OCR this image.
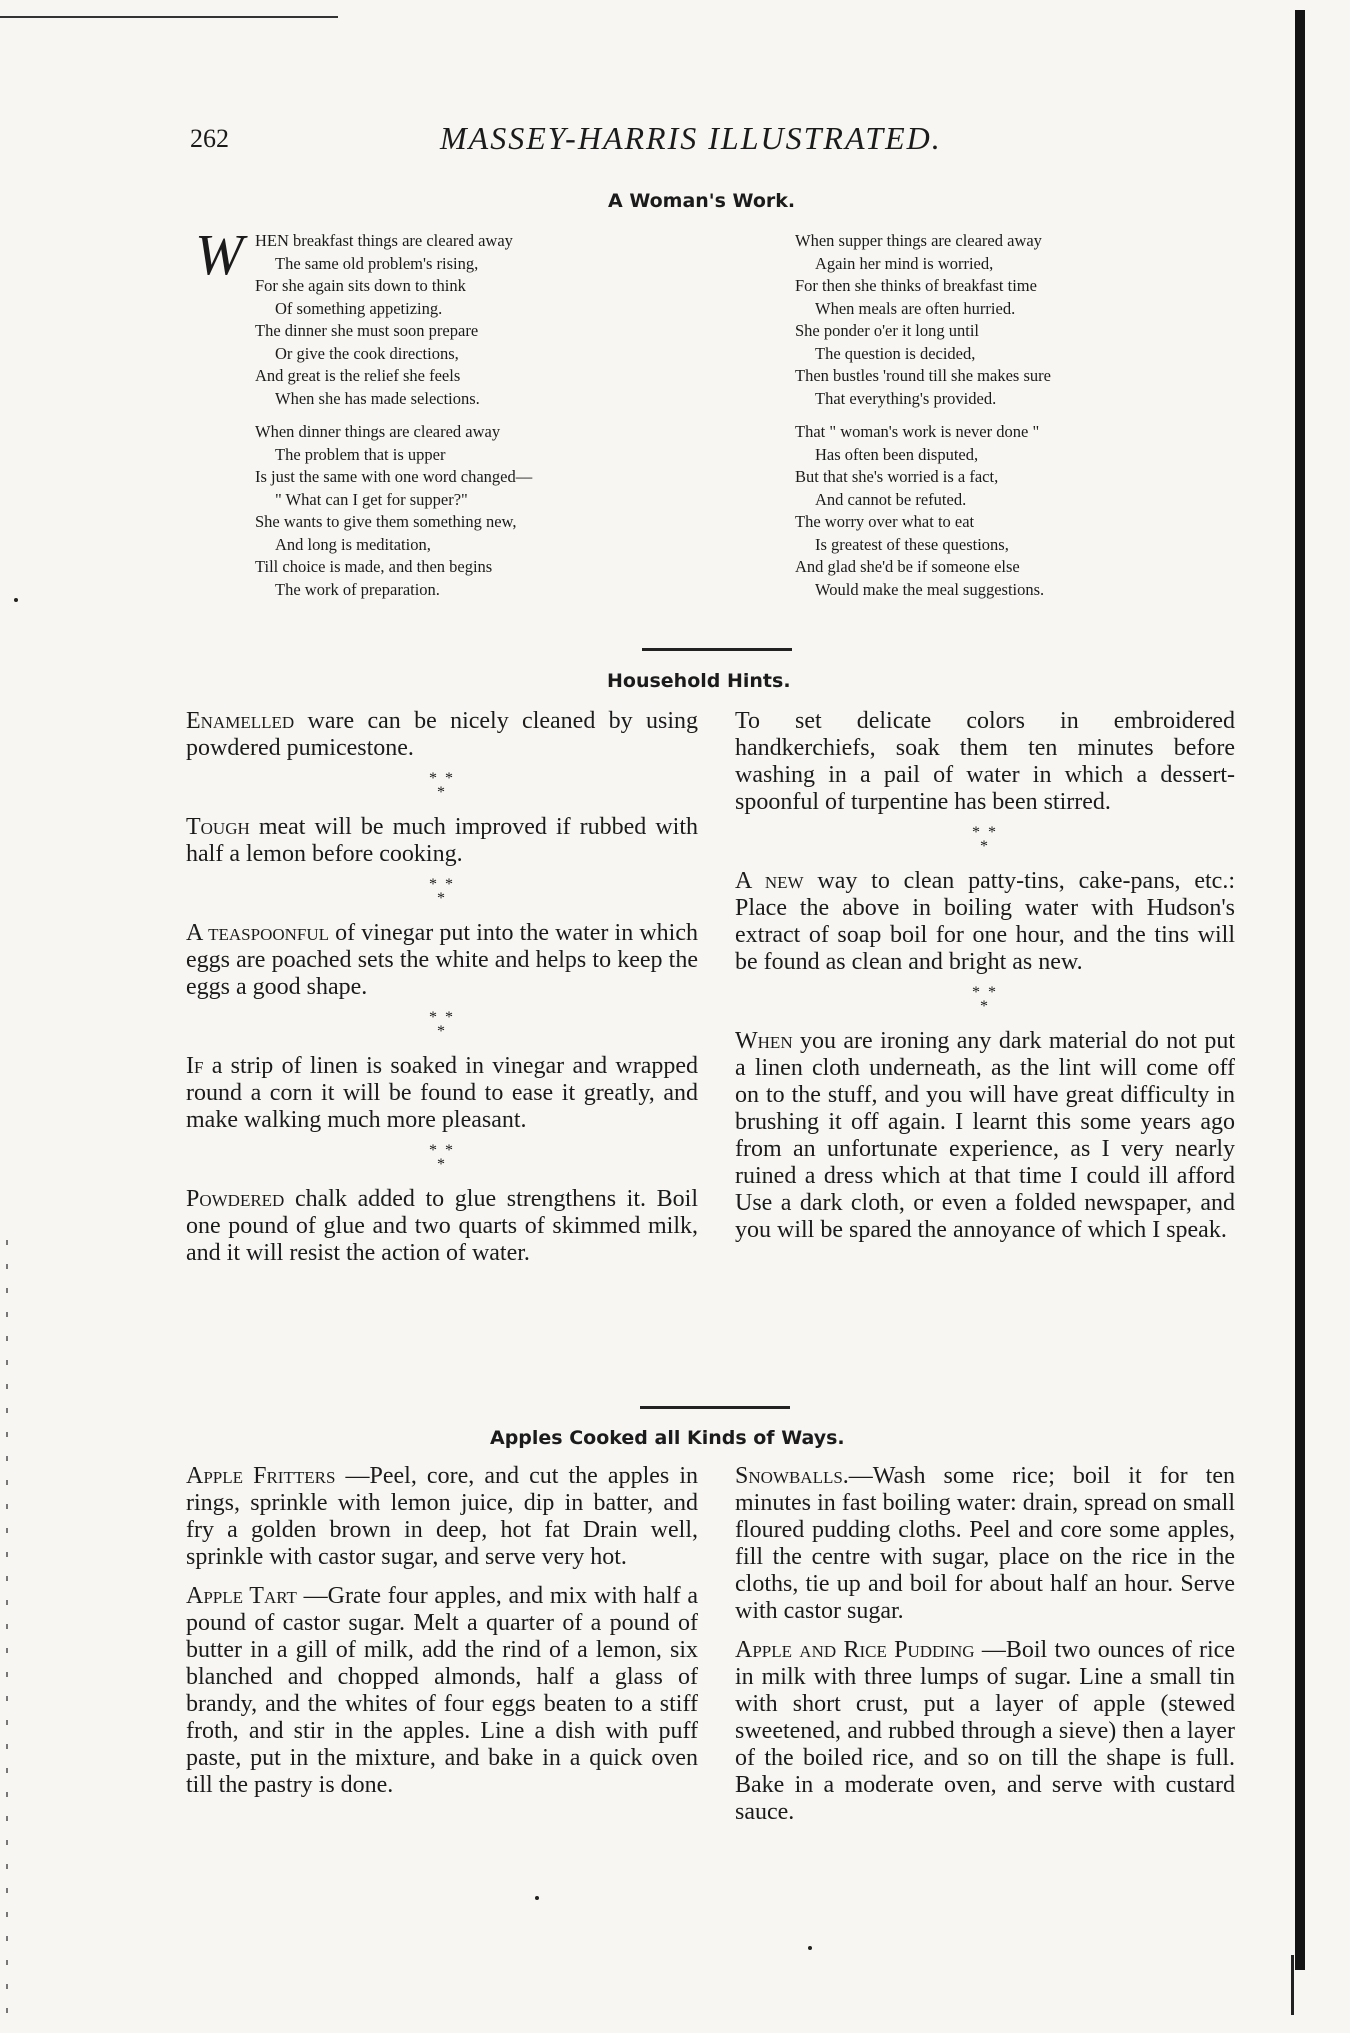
262	MASSEY-HARRIS ILLUSTRATED.
A Woman's Work.
W HEN breakfast things are cleared away
The same old problem's rising,
For she again sits down to think
Of something appetizing.
The dinner she must soon prepare
Or give the cook directions,
And great is the relief she feels
When she has made selections.
When dinner things are cleared away
The problem that is upper
Is just the same with one word changed—
" What can I get for supper?"
She wants to give them something new,
And long is meditation,
Till choice is made, and then begins
The work of preparation.
When supper things are cleared away
Again her mind is worried,
For then she thinks of breakfast time
When meals are often hurried.
She ponder o'er it long until
The question is decided,
Then bustles 'round till she makes sure
That everything's provided.
That " woman's work is never done "
Has often been disputed,
But that she's worried is a fact,
And cannot be refuted.
The worry over what to eat
Is greatest of these questions,
And glad she'd be if someone else
Would make the meal suggestions.
Household Hints.

Enamelled ware can be nicely cleaned by using powdered pumicestone.

* *
*

Tough meat will be much improved if rubbed with half a lemon before cooking.

* *
*

A teaspoonful of vinegar put into the water in which eggs are poached sets the white and helps to keep the eggs a good shape.

* *
*

If a strip of linen is soaked in vinegar and wrapped round a corn it will be found to ease it greatly, and make walking much more pleasant.

* *
*

Powdered chalk added to glue strengthens it. Boil one pound of glue and two quarts of skimmed milk, and it will resist the action of water.

To set delicate colors in embroidered handkerchiefs, soak them ten minutes before washing in a pail of water in which a dessert-spoonful of turpentine has been stirred.

* *
*

A new way to clean patty-tins, cake-pans, etc.: Place the above in boiling water with Hudson's extract of soap boil for one hour, and the tins will be found as clean and bright as new.

* *
*

When you are ironing any dark material do not put a linen cloth underneath, as the lint will come off on to the stuff, and you will have great difficulty in brushing it off again. I learnt this some years ago from an unfortunate experience, as I very nearly ruined a dress which at that time I could ill afford Use a dark cloth, or even a folded newspaper, and you will be spared the annoyance of which I speak.

Apples Cooked all Kinds of Ways.

Apple Fritters —Peel, core, and cut the apples in rings, sprinkle with lemon juice, dip in batter, and fry a golden brown in deep, hot fat Drain well, sprinkle with castor sugar, and serve very hot.

Apple Tart —Grate four apples, and mix with half a pound of castor sugar. Melt a quarter of a pound of butter in a gill of milk, add the rind of a lemon, six blanched and chopped almonds, half a glass of brandy, and the whites of four eggs beaten to a stiff froth, and stir in the apples. Line a dish with puff paste, put in the mixture, and bake in a quick oven till the pastry is done.

Snowballs.—Wash some rice; boil it for ten minutes in fast boiling water: drain, spread on small floured pudding cloths. Peel and core some apples, fill the centre with sugar, place on the rice in the cloths, tie up and boil for about half an hour. Serve with castor sugar.

Apple and Rice Pudding —Boil two ounces of rice in milk with three lumps of sugar. Line a small tin with short crust, put a layer of apple (stewed sweetened, and rubbed through a sieve) then a layer of the boiled rice, and so on till the shape is full. Bake in a moderate oven, and serve with custard sauce.
